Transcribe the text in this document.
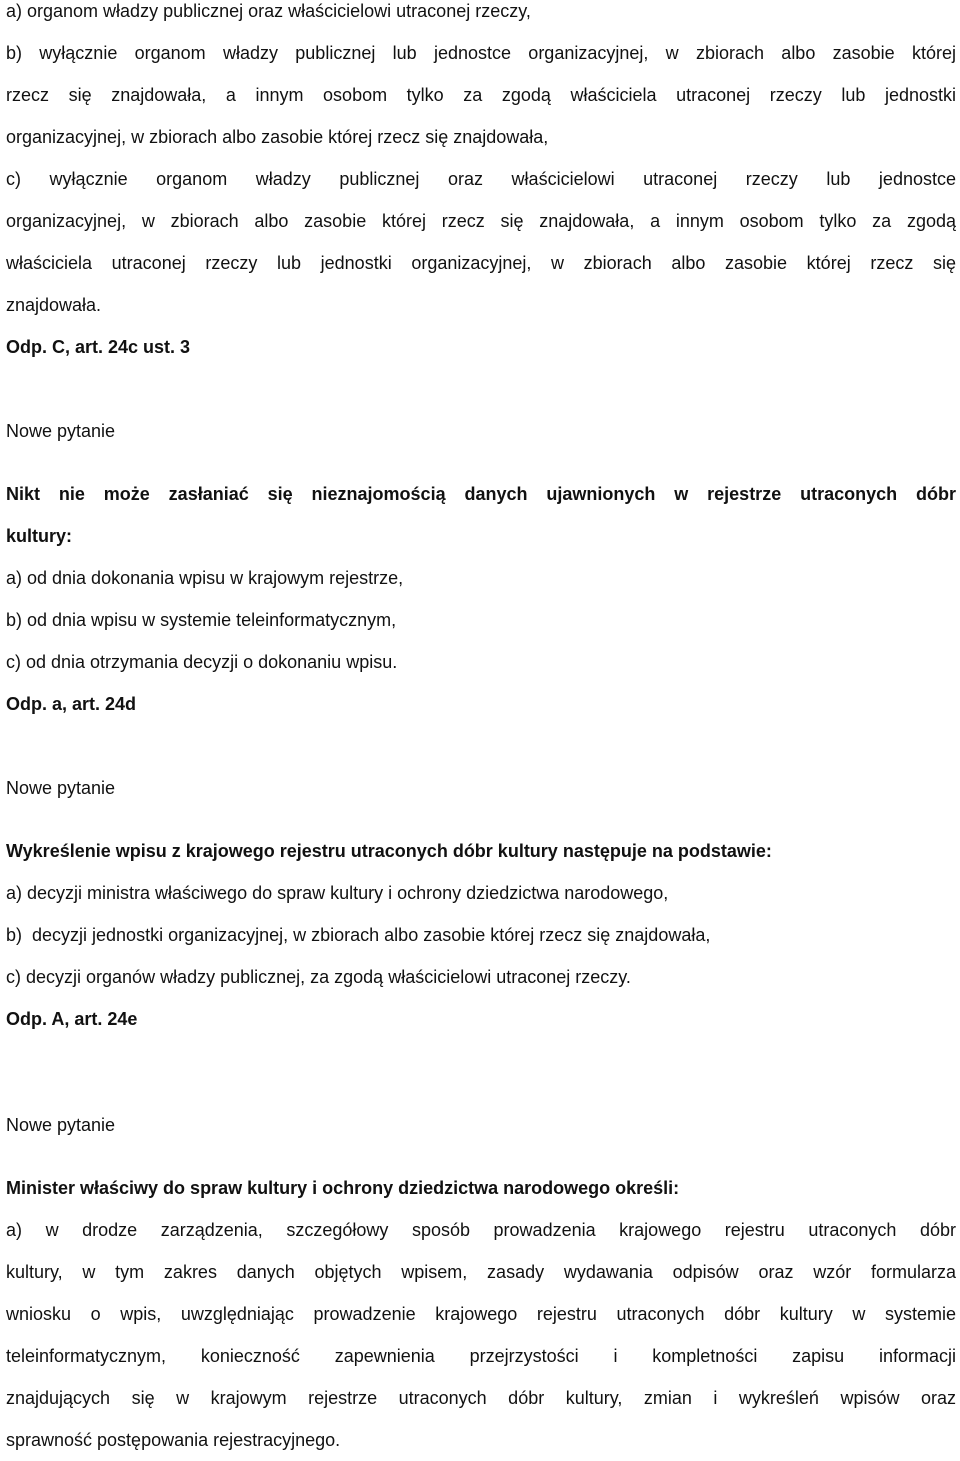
a) organom władzy publicznej oraz właścicielowi utraconej rzeczy,

b) wyłącznie organom władzy publicznej lub jednostce organizacyjnej, w zbiorach albo zasobie której

rzecz się znajdowała, a innym osobom tylko za zgodą właściciela utraconej rzeczy lub jednostki

organizacyjnej, w zbiorach albo zasobie której rzecz się znajdowała,

c) wyłącznie organom władzy publicznej oraz właścicielowi utraconej rzeczy lub jednostce

organizacyjnej, w zbiorach albo zasobie której rzecz się znajdowała, a innym osobom tylko za zgodą

właściciela utraconej rzeczy lub jednostki organizacyjnej, w zbiorach albo zasobie której rzecz się

znajdowała.

Odp. C, art. 24c ust. 3

Nowe pytanie

Nikt nie może zasłaniać się nieznajomością danych ujawnionych w rejestrze utraconych dóbr

kultury:

a) od dnia dokonania wpisu w krajowym rejestrze,

b) od dnia wpisu w systemie teleinformatycznym,

c) od dnia otrzymania decyzji o dokonaniu wpisu.

Odp. a, art. 24d

Nowe pytanie

Wykreślenie wpisu z krajowego rejestru utraconych dóbr kultury następuje na podstawie:

a) decyzji ministra właściwego do spraw kultury i ochrony dziedzictwa narodowego,

b)  decyzji jednostki organizacyjnej, w zbiorach albo zasobie której rzecz się znajdowała,

c) decyzji organów władzy publicznej, za zgodą właścicielowi utraconej rzeczy.

Odp. A, art. 24e

Nowe pytanie

Minister właściwy do spraw kultury i ochrony dziedzictwa narodowego określi:

a) w drodze zarządzenia, szczegółowy sposób prowadzenia krajowego rejestru utraconych dóbr

kultury, w tym zakres danych objętych wpisem, zasady wydawania odpisów oraz wzór formularza

wniosku o wpis, uwzględniając prowadzenie krajowego rejestru utraconych dóbr kultury w systemie

teleinformatycznym, konieczność zapewnienia przejrzystości i kompletności zapisu informacji

znajdujących się w krajowym rejestrze utraconych dóbr kultury, zmian i wykreśleń wpisów oraz

sprawność postępowania rejestracyjnego.
